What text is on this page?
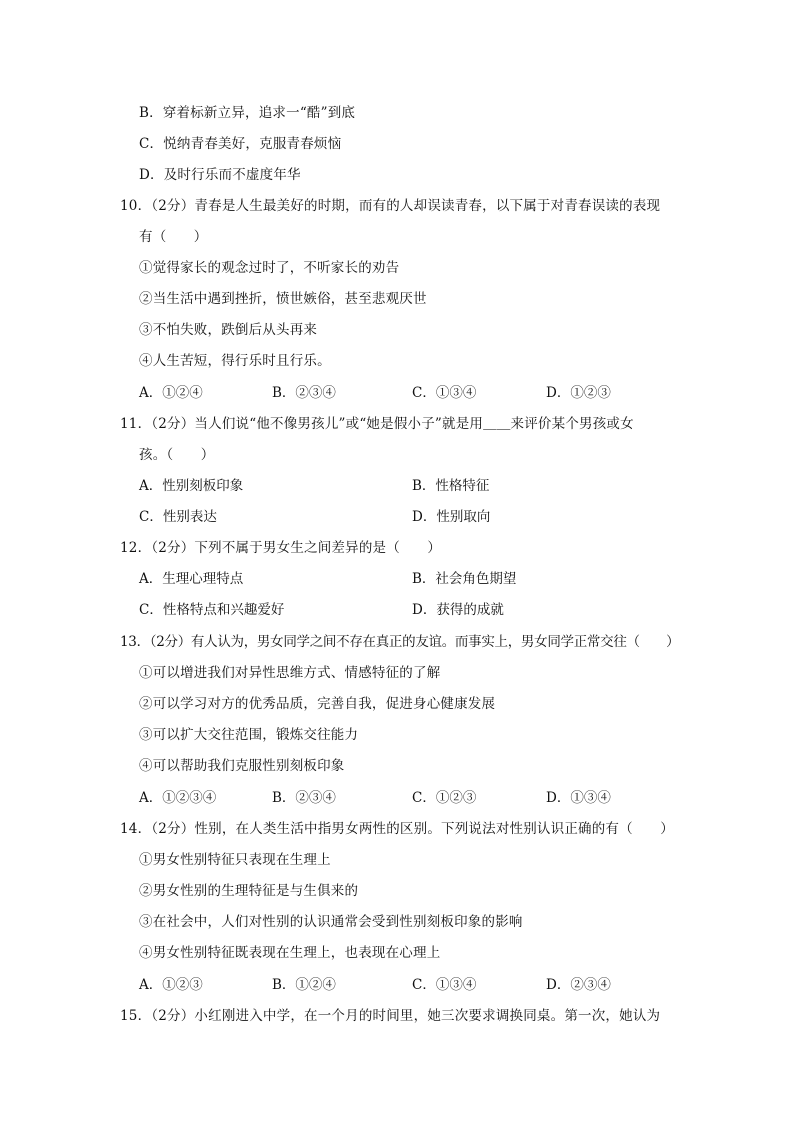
B．穿着标新立异，追求一“酷”到底
C．悦纳青春美好，克服青春烦恼
D．及时行乐而不虚度年华
10．（2分）青春是人生最美好的时期，而有的人却误读青春，以下属于对青春误读的表现
有（　　）
①觉得家长的观念过时了，不听家长的劝告
②当生活中遇到挫折，愤世嫉俗，甚至悲观厌世
③不怕失败，跌倒后从头再来
④人生苦短，得行乐时且行乐。
A．①②④	B．②③④	C．①③④	D．①②③
11．（2分）当人们说“他不像男孩儿”或“她是假小子”就是用＿＿来评价某个男孩或女
孩。（　　）
A．性别刻板印象	B．性格特征
C．性别表达	D．性别取向
12．（2分）下列不属于男女生之间差异的是（　　）
A．生理心理特点	B．社会角色期望
C．性格特点和兴趣爱好	D．获得的成就
13．（2分）有人认为，男女同学之间不存在真正的友谊。而事实上，男女同学正常交往（　　）
①可以增进我们对异性思维方式、情感特征的了解
②可以学习对方的优秀品质，完善自我，促进身心健康发展
③可以扩大交往范围，锻炼交往能力
④可以帮助我们克服性别刻板印象
A．①②③④	B．②③④	C．①②③	D．①③④
14．（2分）性别，在人类生活中指男女两性的区别。下列说法对性别认识正确的有（　　）
①男女性别特征只表现在生理上
②男女性别的生理特征是与生俱来的
③在社会中，人们对性别的认识通常会受到性别刻板印象的影响
④男女性别特征既表现在生理上，也表现在心理上
A．①②③	B．①②④	C．①③④	D．②③④
15．（2分）小红刚进入中学，在一个月的时间里，她三次要求调换同桌。第一次，她认为
